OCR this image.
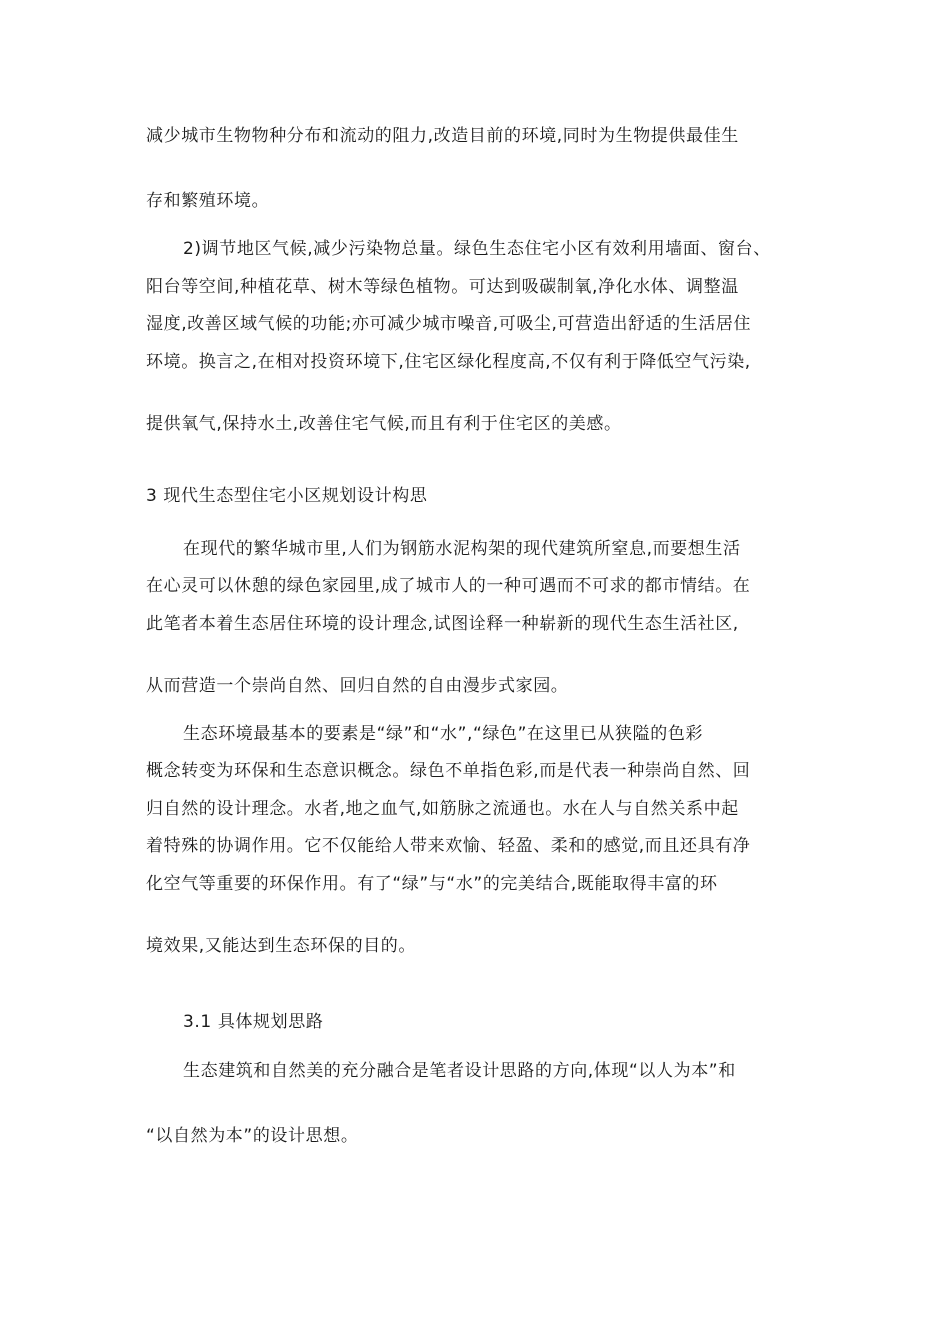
减少城市生物物种分布和流动的阻力,改造目前的环境,同时为生物提供最佳生
存和繁殖环境。
2)调节地区气候,减少污染物总量。绿色生态住宅小区有效利用墙面、窗台、
阳台等空间,种植花草、树木等绿色植物。可达到吸碳制氧,净化水体、调整温
湿度,改善区域气候的功能;亦可减少城市噪音,可吸尘,可营造出舒适的生活居住
环境。换言之,在相对投资环境下,住宅区绿化程度高,不仅有利于降低空气污染,
提供氧气,保持水土,改善住宅气候,而且有利于住宅区的美感。
3 现代生态型住宅小区规划设计构思
在现代的繁华城市里,人们为钢筋水泥构架的现代建筑所窒息,而要想生活
在心灵可以休憩的绿色家园里,成了城市人的一种可遇而不可求的都市情结。在
此笔者本着生态居住环境的设计理念,试图诠释一种崭新的现代生态生活社区,
从而营造一个崇尚自然、回归自然的自由漫步式家园。
生态环境最基本的要素是“绿”和“水”,“绿色”在这里已从狭隘的色彩
概念转变为环保和生态意识概念。绿色不单指色彩,而是代表一种崇尚自然、回
归自然的设计理念。水者,地之血气,如筋脉之流通也。水在人与自然关系中起
着特殊的协调作用。它不仅能给人带来欢愉、轻盈、柔和的感觉,而且还具有净
化空气等重要的环保作用。有了“绿”与“水”的完美结合,既能取得丰富的环
境效果,又能达到生态环保的目的。
3.1 具体规划思路
生态建筑和自然美的充分融合是笔者设计思路的方向,体现“以人为本”和
“以自然为本”的设计思想。
